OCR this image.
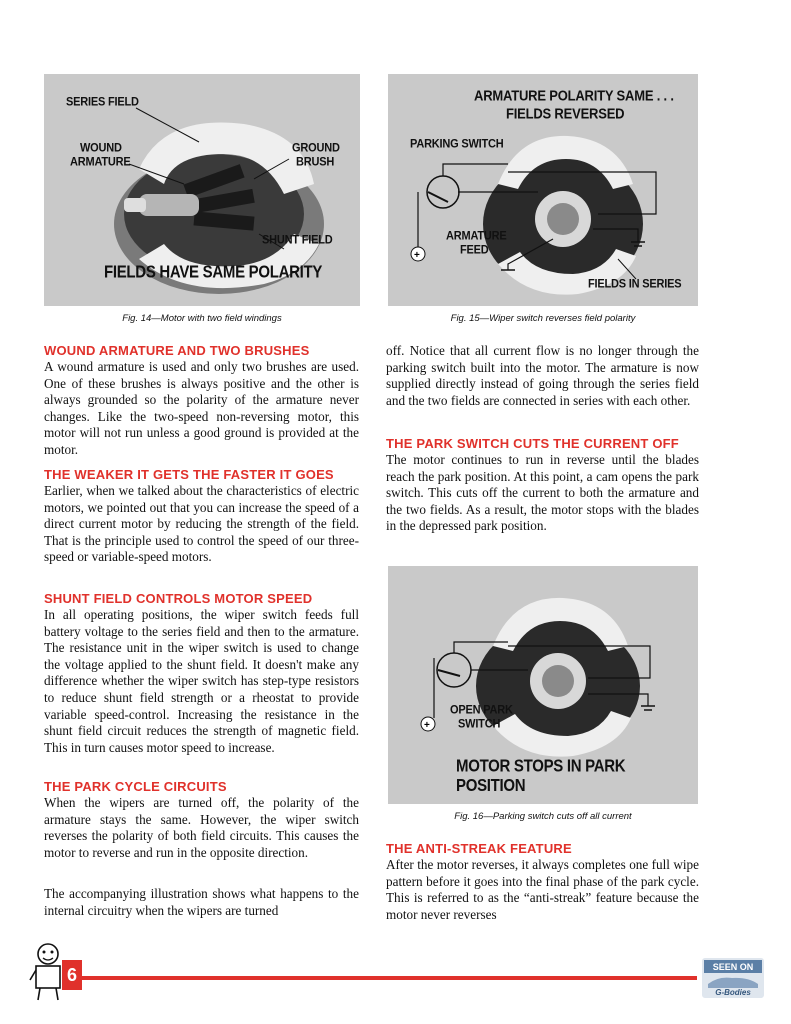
SERIES FIELD
WOUND
ARMATURE
GROUND
BRUSH
SHUNT FIELD
FIELDS HAVE SAME POLARITY
Fig. 14—Motor with two field windings
+
ARMATURE POLARITY SAME . . .
FIELDS REVERSED
PARKING SWITCH
ARMATURE
FEED
FIELDS IN SERIES
Fig. 15—Wiper switch reverses field polarity
WOUND ARMATURE AND TWO BRUSHES

A wound armature is used and only two brushes are used. One of these brushes is always positive and the other is always grounded so the polarity of the armature never changes. Like the two-speed non-reversing motor, this motor will not run unless a good ground is provided at the motor.

THE WEAKER IT GETS THE FASTER IT GOES

Earlier, when we talked about the characteristics of electric motors, we pointed out that you can increase the speed of a direct current motor by reducing the strength of the field. That is the principle used to control the speed of our three-speed or variable-speed motors.

SHUNT FIELD CONTROLS MOTOR SPEED

In all operating positions, the wiper switch feeds full battery voltage to the series field and then to the armature. The resistance unit in the wiper switch is used to change the voltage applied to the shunt field. It doesn't make any difference whether the wiper switch has step-type resistors to reduce shunt field strength or a rheostat to provide variable speed-control. Increasing the resistance in the shunt field circuit reduces the strength of magnetic field. This in turn causes motor speed to increase.

THE PARK CYCLE CIRCUITS

When the wipers are turned off, the polarity of the armature stays the same. However, the wiper switch reverses the polarity of both field circuits. This causes the motor to reverse and run in the opposite direction.

The accompanying illustration shows what happens to the internal circuitry when the wipers are turned

off. Notice that all current flow is no longer through the parking switch built into the motor. The armature is now supplied directly instead of going through the series field and the two fields are connected in series with each other.

THE PARK SWITCH CUTS THE CURRENT OFF

The motor continues to run in reverse until the blades reach the park position. At this point, a cam opens the park switch. This cuts off the current to both the armature and the two fields. As a result, the motor stops with the blades in the depressed park position.

+
OPEN PARK
SWITCH
MOTOR STOPS IN PARK POSITION
Fig. 16—Parking switch cuts off all current
THE ANTI-STREAK FEATURE

After the motor reverses, it always completes one full wipe pattern before it goes into the final phase of the park cycle. This is referred to as the “anti-streak” feature because the motor never reverses

6	SEEN ON
G-Bodies
